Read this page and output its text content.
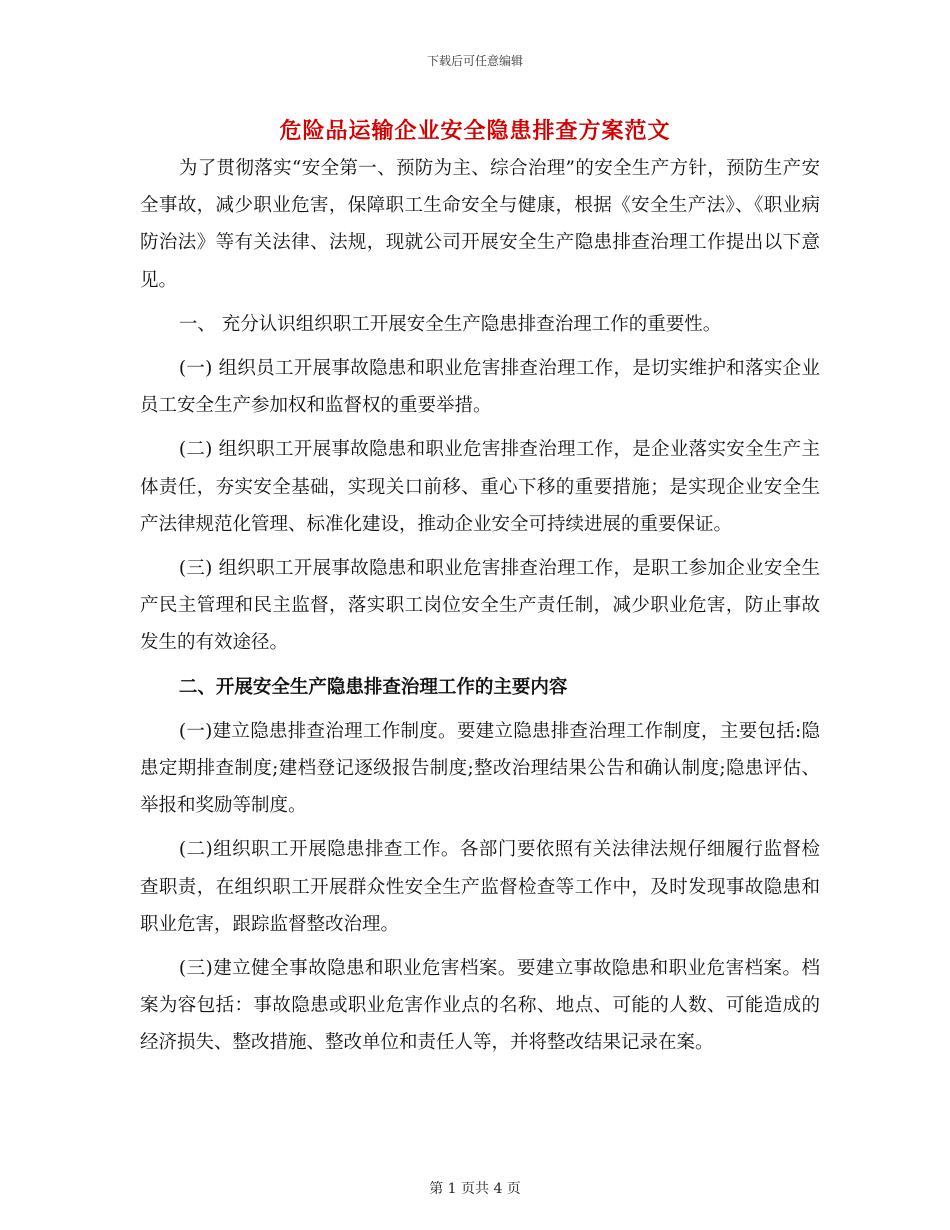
下载后可任意编辑
危险品运输企业安全隐患排查方案范文

为了贯彻落实“安全第一、预防为主、综合治理”的安全生产方针，预防生产安全事故，减少职业危害，保障职工生命安全与健康，根据《安全生产法》、《职业病防治法》等有关法律、法规，现就公司开展安全生产隐患排查治理工作提出以下意见。

一、 充分认识组织职工开展安全生产隐患排查治理工作的重要性。

(一) 组织员工开展事故隐患和职业危害排查治理工作，是切实维护和落实企业员工安全生产参加权和监督权的重要举措。

(二) 组织职工开展事故隐患和职业危害排查治理工作，是企业落实安全生产主体责任，夯实安全基础，实现关口前移、重心下移的重要措施；是实现企业安全生产法律规范化管理、标准化建设，推动企业安全可持续进展的重要保证。

(三) 组织职工开展事故隐患和职业危害排查治理工作，是职工参加企业安全生产民主管理和民主监督，落实职工岗位安全生产责任制，减少职业危害，防止事故发生的有效途径。

二、开展安全生产隐患排查治理工作的主要内容

(一)建立隐患排查治理工作制度。要建立隐患排查治理工作制度，主要包括:隐患定期排查制度;建档登记逐级报告制度;整改治理结果公告和确认制度;隐患评估、举报和奖励等制度。

(二)组织职工开展隐患排查工作。各部门要依照有关法律法规仔细履行监督检查职责，在组织职工开展群众性安全生产监督检查等工作中，及时发现事故隐患和职业危害，跟踪监督整改治理。

(三)建立健全事故隐患和职业危害档案。要建立事故隐患和职业危害档案。档案为容包括：事故隐患或职业危害作业点的名称、地点、可能的人数、可能造成的经济损失、整改措施、整改单位和责任人等，并将整改结果记录在案。

第 1 页共 4 页
